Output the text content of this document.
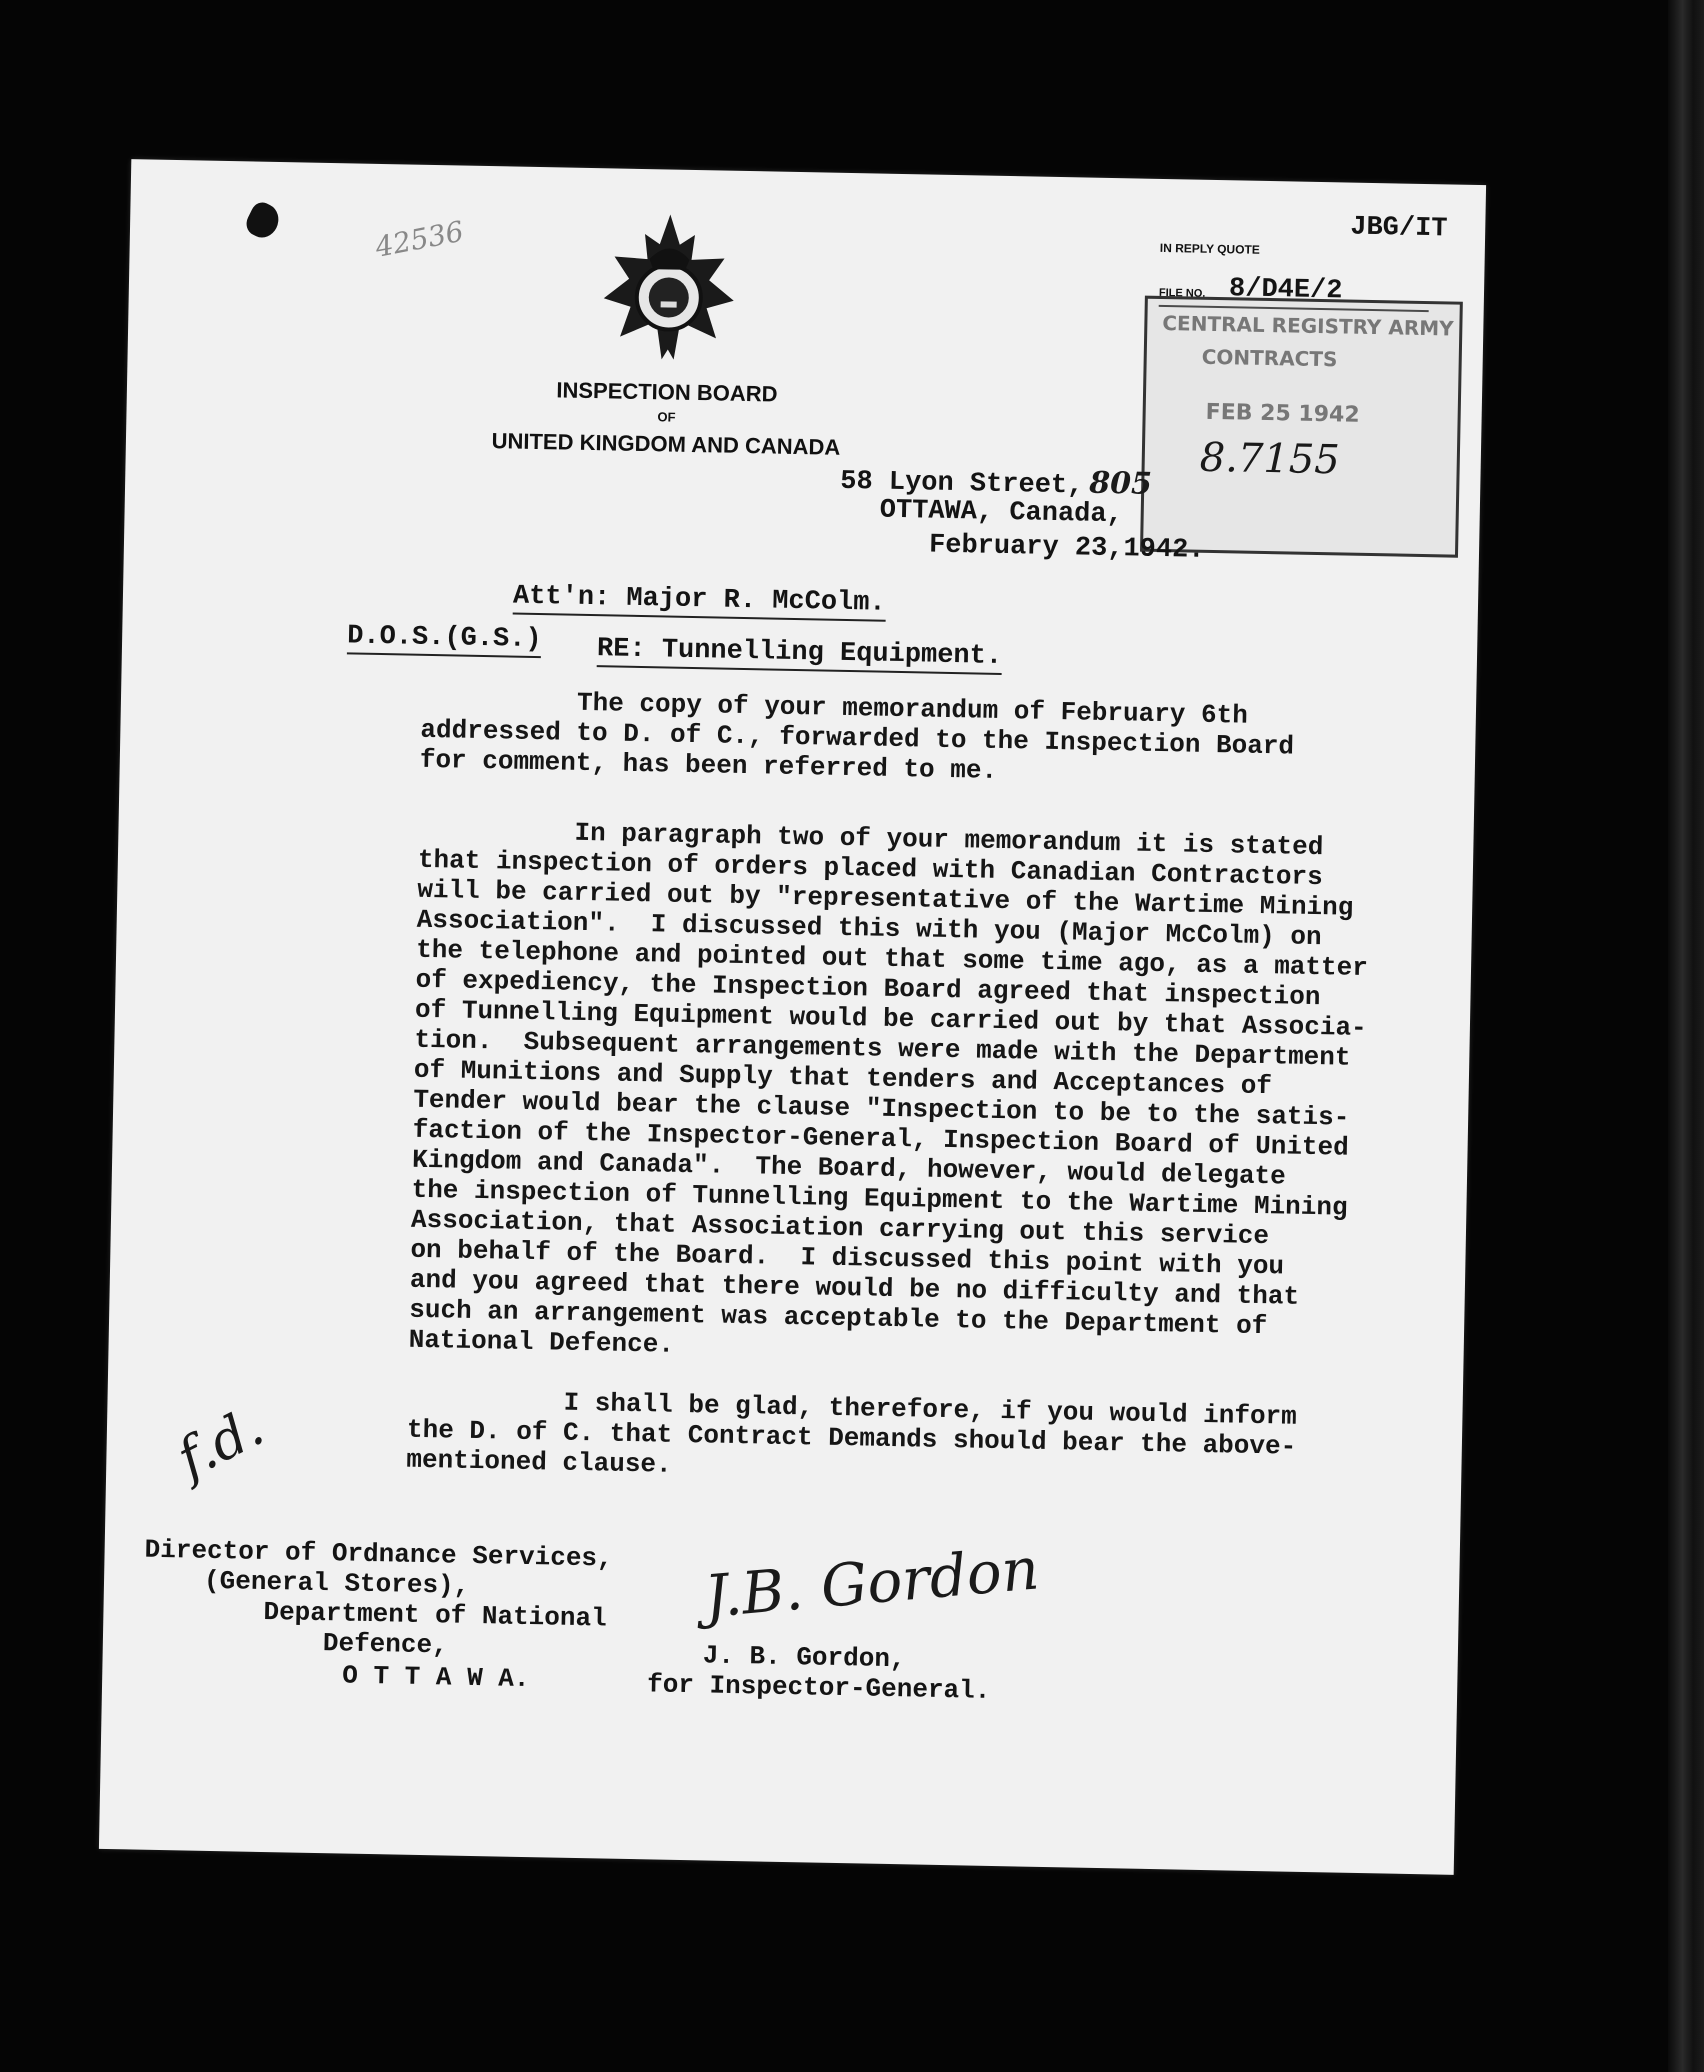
JBG/IT
IN REPLY QUOTE
FILE NO. 8/D4E/2
42536
INSPECTION BOARD
OF
UNITED KINGDOM AND CANADA
CENTRAL REGISTRY ARMY
CONTRACTS
FEB 25 1942
8.7155
58 Lyon Street, 805
OTTAWA, Canada,
February 23,1942.
Att'n: Major R. McColm.
D.O.S.(G.S.) RE: Tunnelling Equipment.
The copy of your memorandum of February 6th
addressed to D. of C., forwarded to the Inspection Board
for comment, has been referred to me.
In paragraph two of your memorandum it is stated
that inspection of orders placed with Canadian Contractors
will be carried out by "representative of the Wartime Mining
Association".  I discussed this with you (Major McColm) on
the telephone and pointed out that some time ago, as a matter
of expediency, the Inspection Board agreed that inspection
of Tunnelling Equipment would be carried out by that Associa-
tion.  Subsequent arrangements were made with the Department
of Munitions and Supply that tenders and Acceptances of
Tender would bear the clause "Inspection to be to the satis-
faction of the Inspector-General, Inspection Board of United
Kingdom and Canada".  The Board, however, would delegate
the inspection of Tunnelling Equipment to the Wartime Mining
Association, that Association carrying out this service
on behalf of the Board.  I discussed this point with you
and you agreed that there would be no difficulty and that
such an arrangement was acceptable to the Department of
National Defence.
I shall be glad, therefore, if you would inform
the D. of C. that Contract Demands should bear the above-
mentioned clause.
f.d.
Director of Ordnance Services,
(General Stores),
Department of National
Defence,
O T T A W A.
J.B. Gordon
J. B. Gordon,
for Inspector-General.
